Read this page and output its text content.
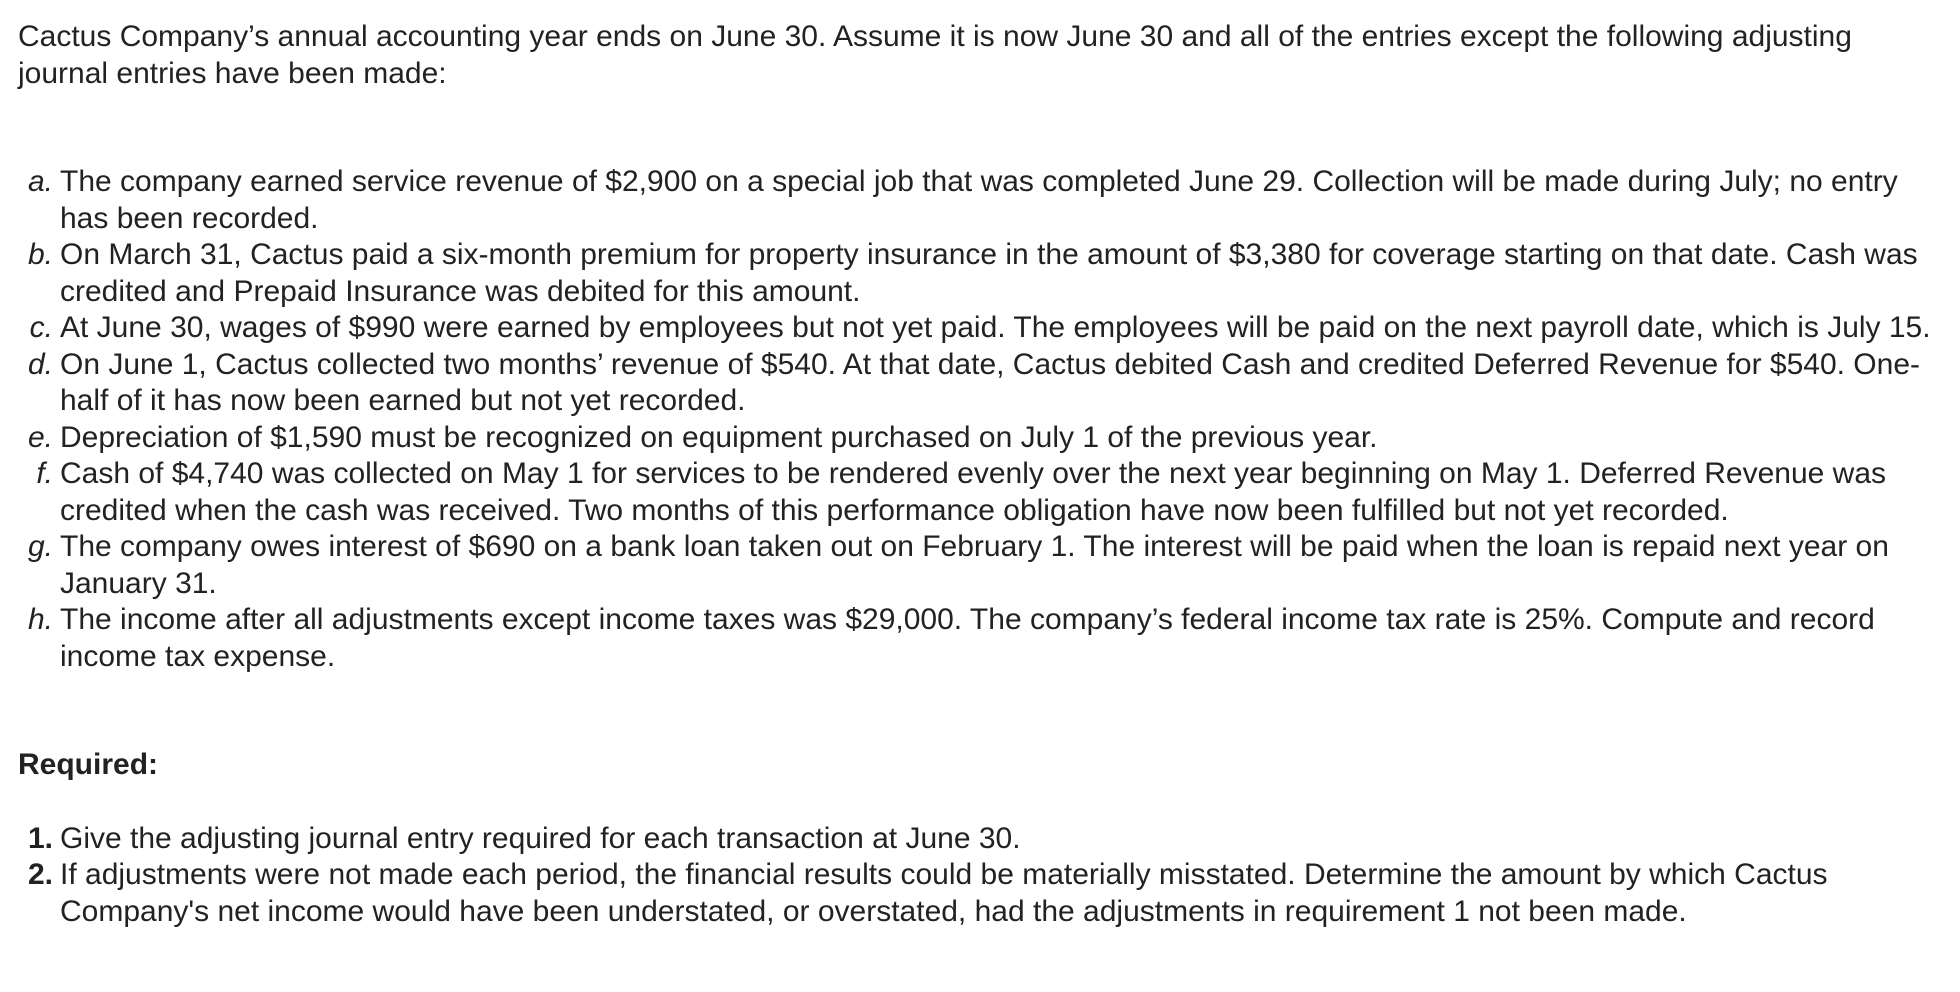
Cactus Company’s annual accounting year ends on June 30. Assume it is now June 30 and all of the entries except the following adjusting journal entries have been made:

a. The company earned service revenue of $2,900 on a special job that was completed June 29. Collection will be made during July; no entry has been recorded.
b. On March 31, Cactus paid a six-month premium for property insurance in the amount of $3,380 for coverage starting on that date. Cash was credited and Prepaid Insurance was debited for this amount.
c. At June 30, wages of $990 were earned by employees but not yet paid. The employees will be paid on the next payroll date, which is July 15.
d. On June 1, Cactus collected two months’ revenue of $540. At that date, Cactus debited Cash and credited Deferred Revenue for $540. One-half of it has now been earned but not yet recorded.
e. Depreciation of $1,590 must be recognized on equipment purchased on July 1 of the previous year.
f. Cash of $4,740 was collected on May 1 for services to be rendered evenly over the next year beginning on May 1. Deferred Revenue was credited when the cash was received. Two months of this performance obligation have now been fulfilled but not yet recorded.
g. The company owes interest of $690 on a bank loan taken out on February 1. The interest will be paid when the loan is repaid next year on January 31.
h. The income after all adjustments except income taxes was $29,000. The company’s federal income tax rate is 25%. Compute and record income tax expense.

Required:

1. Give the adjusting journal entry required for each transaction at June 30.
2. If adjustments were not made each period, the financial results could be materially misstated. Determine the amount by which Cactus Company's net income would have been understated, or overstated, had the adjustments in requirement 1 not been made.
